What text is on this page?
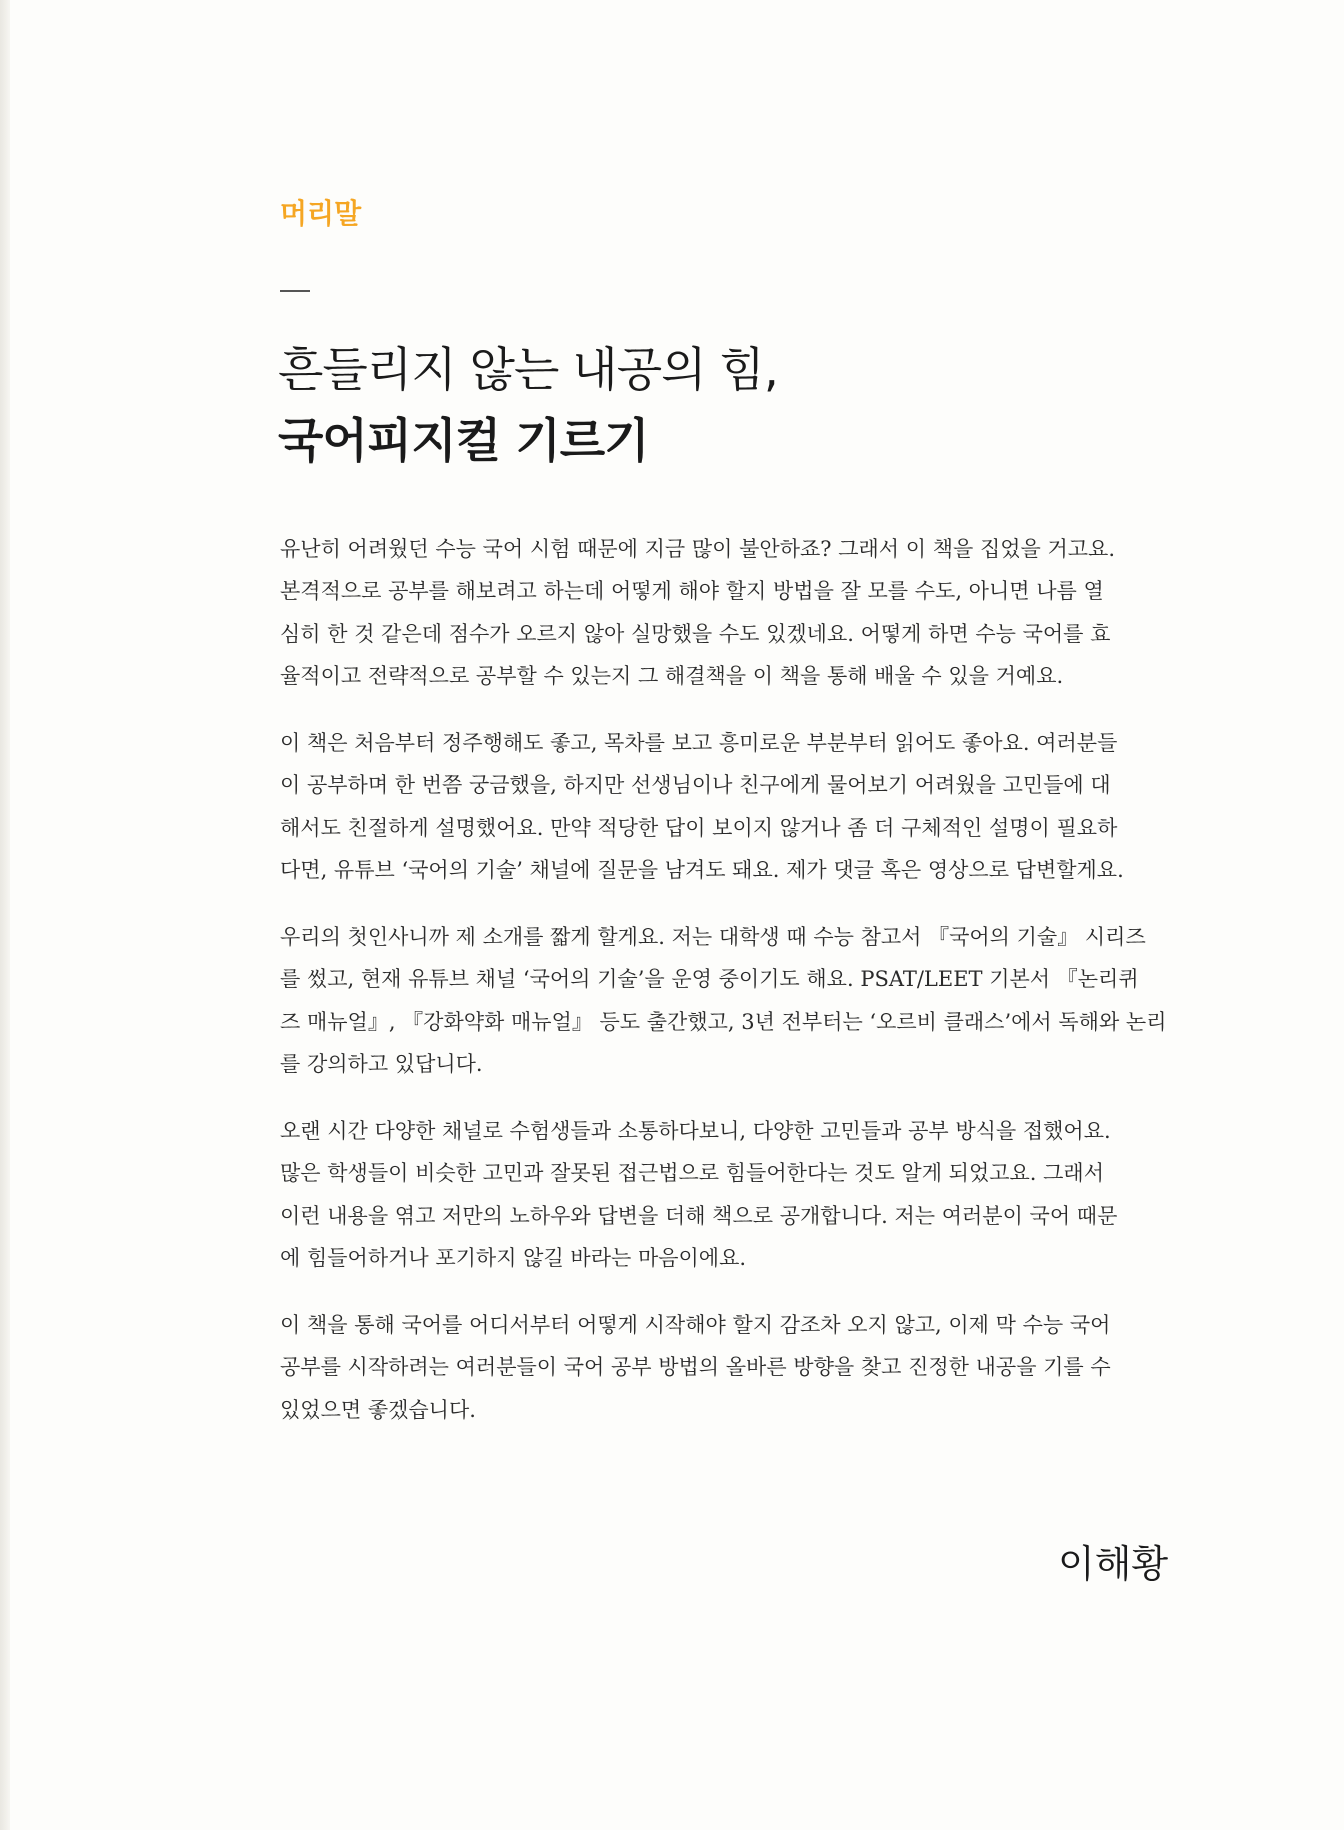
머리말
흔들리지 않는 내공의 힘,
국어피지컬 기르기
유난히 어려웠던 수능 국어 시험 때문에 지금 많이 불안하죠? 그래서 이 책을 집었을 거고요.
본격적으로 공부를 해보려고 하는데 어떻게 해야 할지 방법을 잘 모를 수도, 아니면 나름 열
심히 한 것 같은데 점수가 오르지 않아 실망했을 수도 있겠네요. 어떻게 하면 수능 국어를 효
율적이고 전략적으로 공부할 수 있는지 그 해결책을 이 책을 통해 배울 수 있을 거예요.
이 책은 처음부터 정주행해도 좋고, 목차를 보고 흥미로운 부분부터 읽어도 좋아요. 여러분들
이 공부하며 한 번쯤 궁금했을, 하지만 선생님이나 친구에게 물어보기 어려웠을 고민들에 대
해서도 친절하게 설명했어요. 만약 적당한 답이 보이지 않거나 좀 더 구체적인 설명이 필요하
다면, 유튜브 ‘국어의 기술’ 채널에 질문을 남겨도 돼요. 제가 댓글 혹은 영상으로 답변할게요.
우리의 첫인사니까 제 소개를 짧게 할게요. 저는 대학생 때 수능 참고서 『국어의 기술』 시리즈
를 썼고, 현재 유튜브 채널 ‘국어의 기술’을 운영 중이기도 해요. PSAT/LEET 기본서 『논리퀴
즈 매뉴얼』, 『강화약화 매뉴얼』 등도 출간했고, 3년 전부터는 ‘오르비 클래스’에서 독해와 논리
를 강의하고 있답니다.
오랜 시간 다양한 채널로 수험생들과 소통하다보니, 다양한 고민들과 공부 방식을 접했어요.
많은 학생들이 비슷한 고민과 잘못된 접근법으로 힘들어한다는 것도 알게 되었고요. 그래서
이런 내용을 엮고 저만의 노하우와 답변을 더해 책으로 공개합니다. 저는 여러분이 국어 때문
에 힘들어하거나 포기하지 않길 바라는 마음이에요.
이 책을 통해 국어를 어디서부터 어떻게 시작해야 할지 감조차 오지 않고, 이제 막 수능 국어
공부를 시작하려는 여러분들이 국어 공부 방법의 올바른 방향을 찾고 진정한 내공을 기를 수
있었으면 좋겠습니다.
이해황
